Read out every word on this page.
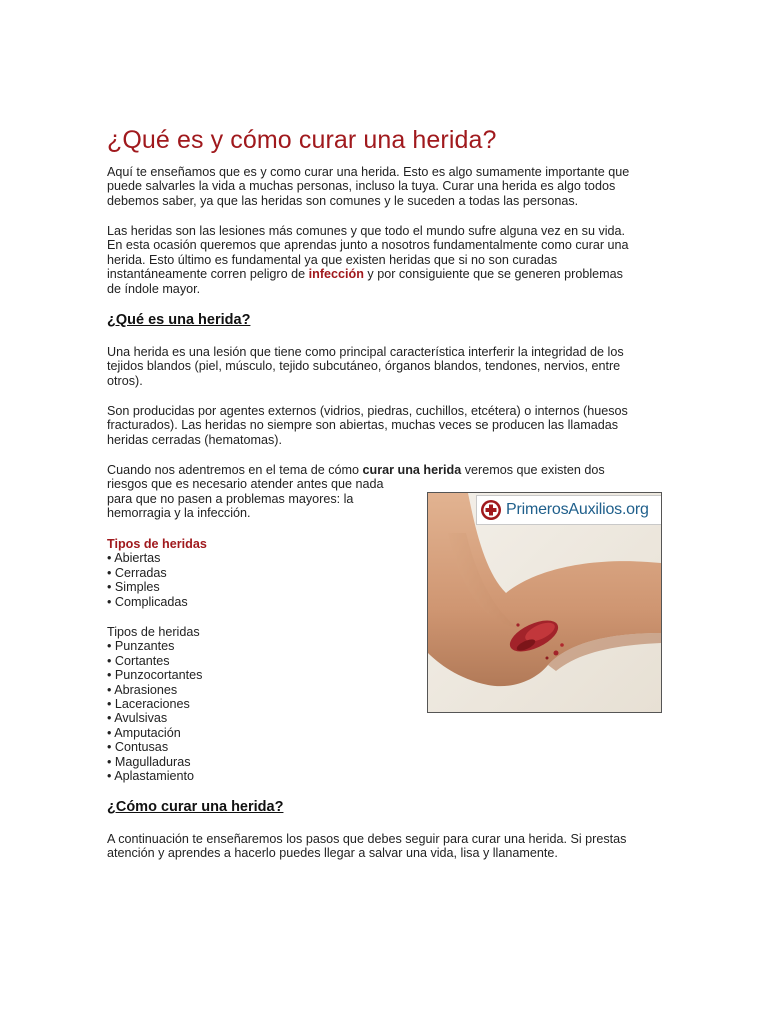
¿Qué es y cómo curar una herida?
Aquí te enseñamos que es y como curar una herida. Esto es algo sumamente importante que
puede salvarles la vida a muchas personas, incluso la tuya. Curar una herida es algo todos
debemos saber, ya que las heridas son comunes y le suceden a todas las personas.
Las heridas son las lesiones más comunes y que todo el mundo sufre alguna vez en su vida.
En esta ocasión queremos que aprendas junto a nosotros fundamentalmente como curar una
herida. Esto último es fundamental ya que existen heridas que si no son curadas
instantáneamente corren peligro de infección y por consiguiente que se generen problemas
de índole mayor.
¿Qué es una herida?
Una herida es una lesión que tiene como principal característica interferir la integridad de los
tejidos blandos (piel, músculo, tejido subcutáneo, órganos blandos, tendones, nervios, entre
otros).
Son producidas por agentes externos (vidrios, piedras, cuchillos, etcétera) o internos (huesos
fracturados). Las heridas no siempre son abiertas, muchas veces se producen las llamadas
heridas cerradas (hematomas).
Cuando nos adentremos en el tema de cómo curar una herida veremos que existen dos
riesgos que es necesario atender antes que nada
para que no pasen a problemas mayores: la
hemorragia y la infección.
Tipos de heridas
• Abiertas
• Cerradas
• Simples
• Complicadas
Tipos de heridas
• Punzantes
• Cortantes
• Punzocortantes
• Abrasiones
• Laceraciones
• Avulsivas
• Amputación
• Contusas
• Magulladuras
• Aplastamiento
¿Cómo curar una herida?
A continuación te enseñaremos los pasos que debes seguir para curar una herida. Si prestas
atención y aprendes a hacerlo puedes llegar a salvar una vida, lisa y llanamente.
PrimerosAuxilios.org
